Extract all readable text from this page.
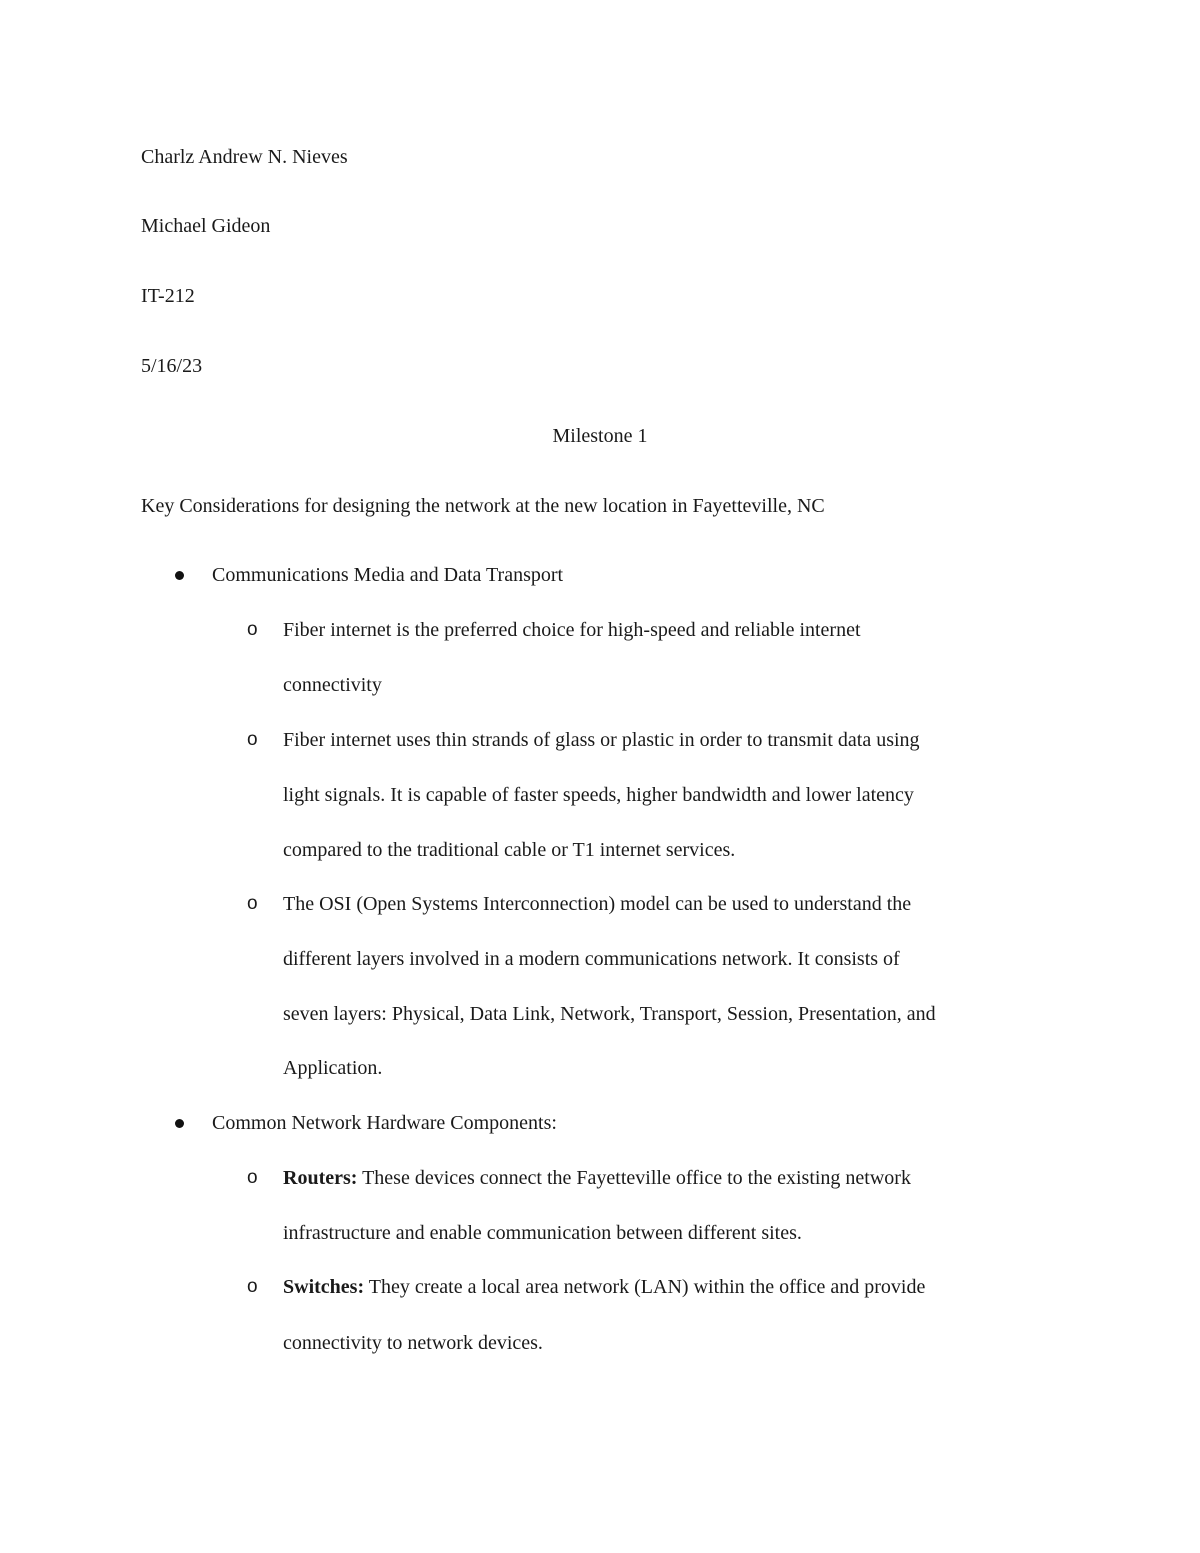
Charlz Andrew N. Nieves
Michael Gideon
IT-212
5/16/23
Milestone 1
Key Considerations for designing the network at the new location in Fayetteville, NC
Communications Media and Data Transport
o Fiber internet is the preferred choice for high-speed and reliable internet
connectivity
o Fiber internet uses thin strands of glass or plastic in order to transmit data using
light signals. It is capable of faster speeds, higher bandwidth and lower latency
compared to the traditional cable or T1 internet services.
o The OSI (Open Systems Interconnection) model can be used to understand the
different layers involved in a modern communications network. It consists of
seven layers: Physical, Data Link, Network, Transport, Session, Presentation, and
Application.
Common Network Hardware Components:
o Routers: These devices connect the Fayetteville office to the existing network
infrastructure and enable communication between different sites.
o Switches: They create a local area network (LAN) within the office and provide
connectivity to network devices.
